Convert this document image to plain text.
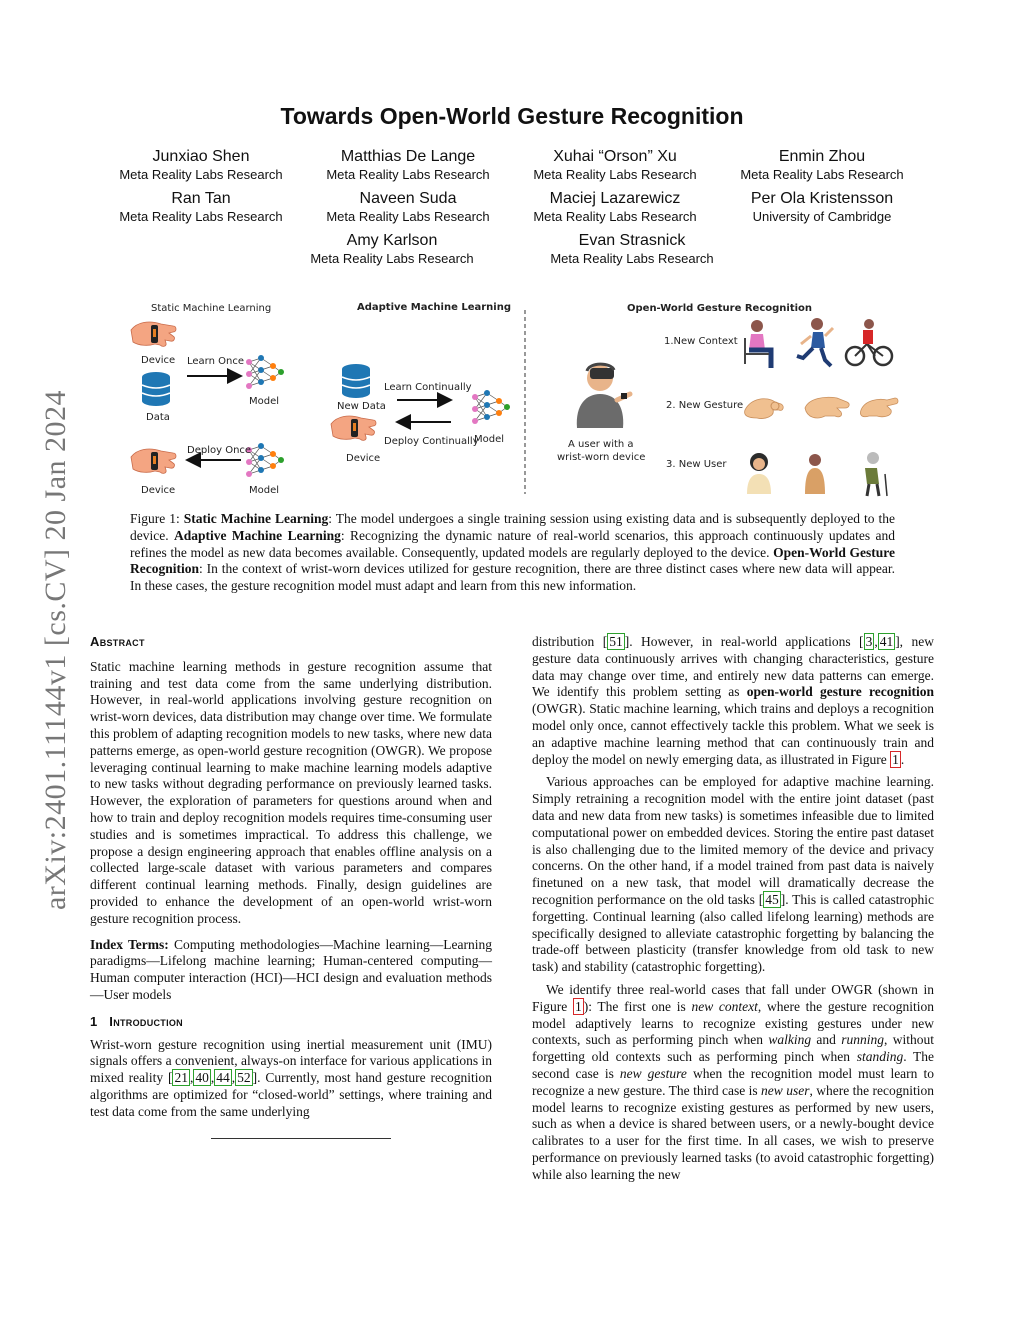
arXiv:2401.11144v1 [cs.CV] 20 Jan 2024
Towards Open-World Gesture Recognition
Junxiao Shen
Meta Reality Labs Research
Matthias De Lange
Meta Reality Labs Research
Xuhai “Orson” Xu
Meta Reality Labs Research
Enmin Zhou
Meta Reality Labs Research
Ran Tan
Meta Reality Labs Research
Naveen Suda
Meta Reality Labs Research
Maciej Lazarewicz
Meta Reality Labs Research
Per Ola Kristensson
University of Cambridge
Amy Karlson
Meta Reality Labs Research
Evan Strasnick
Meta Reality Labs Research
Static Machine Learning	Adaptive Machine Learning	Open-World Gesture Recognition
Device Learn Once
Data
Model
Deploy Once
Device	Model
Learn Continually
New Data
Deploy Continually
Model
Device
A user with a
wrist-worn device
1.New Context
2. New Gesture
3. New User
Figure 1: Static Machine Learning: The model undergoes a single training session using existing data and is subsequently deployed to the device. Adaptive Machine Learning: Recognizing the dynamic nature of real-world scenarios, this approach continuously updates and refines the model as new data becomes available. Consequently, updated models are regularly deployed to the device. Open-World Gesture Recognition: In the context of wrist-worn devices utilized for gesture recognition, there are three distinct cases where new data will appear. In these cases, the gesture recognition model must adapt and learn from this new information.
Abstract

Static machine learning methods in gesture recognition assume that training and test data come from the same underlying distribution. However, in real-world applications involving gesture recognition on wrist-worn devices, data distribution may change over time. We formulate this problem of adapting recognition models to new tasks, where new data patterns emerge, as open-world gesture recognition (OWGR). We propose leveraging continual learning to make machine learning models adaptive to new tasks without degrading performance on previously learned tasks. However, the exploration of parameters for questions around when and how to train and deploy recognition models requires time-consuming user studies and is sometimes impractical. To address this challenge, we propose a design engineering approach that enables offline analysis on a collected large-scale dataset with various parameters and compares different continual learning methods. Finally, design guidelines are provided to enhance the development of an open-world wrist-worn gesture recognition process.

Index Terms: Computing methodologies—Machine learning—Learning paradigms—Lifelong machine learning; Human-centered computing—Human computer interaction (HCI)—HCI design and evaluation methods—User models

1 Introduction

Wrist-worn gesture recognition using inertial measurement unit (IMU) signals offers a convenient, always-on interface for various applications in mixed reality [ 21 , 40 , 44 , 52 ]. Currently, most hand gesture recognition algorithms are optimized for “closed-world” settings, where training and test data come from the same underlying

distribution [ 51 ]. However, in real-world applications [ 3 , 41 ], new gesture data continuously arrives with changing characteristics, gesture data may change over time, and entirely new data patterns can emerge. We identify this problem setting as open-world gesture recognition (OWGR). Static machine learning, which trains and deploys a recognition model only once, cannot effectively tackle this problem. What we seek is an adaptive machine learning method that can continuously train and deploy the model on newly emerging data, as illustrated in Figure 1 .

Various approaches can be employed for adaptive machine learning. Simply retraining a recognition model with the entire joint dataset (past data and new data from new tasks) is sometimes infeasible due to limited computational power on embedded devices. Storing the entire past dataset is also challenging due to the limited memory of the device and privacy concerns. On the other hand, if a model trained from past data is naively finetuned on a new task, that model will dramatically decrease the recognition performance on the old tasks [ 45 ]. This is called catastrophic forgetting. Continual learning (also called lifelong learning) methods are specifically designed to alleviate catastrophic forgetting by balancing the trade-off between plasticity (transfer knowledge from old task to new task) and stability (catastrophic forgetting).

We identify three real-world cases that fall under OWGR (shown in Figure 1 ): The first one is new context, where the gesture recognition model adaptively learns to recognize existing gestures under new contexts, such as performing pinch when walking and running, without forgetting old contexts such as performing pinch when standing. The second case is new gesture when the recognition model must learn to recognize a new gesture. The third case is new user, where the recognition model learns to recognize existing gestures as performed by new users, such as when a device is shared between users, or a newly-bought device calibrates to a user for the first time. In all cases, we wish to preserve performance on previously learned tasks (to avoid catastrophic forgetting) while also learning the new
